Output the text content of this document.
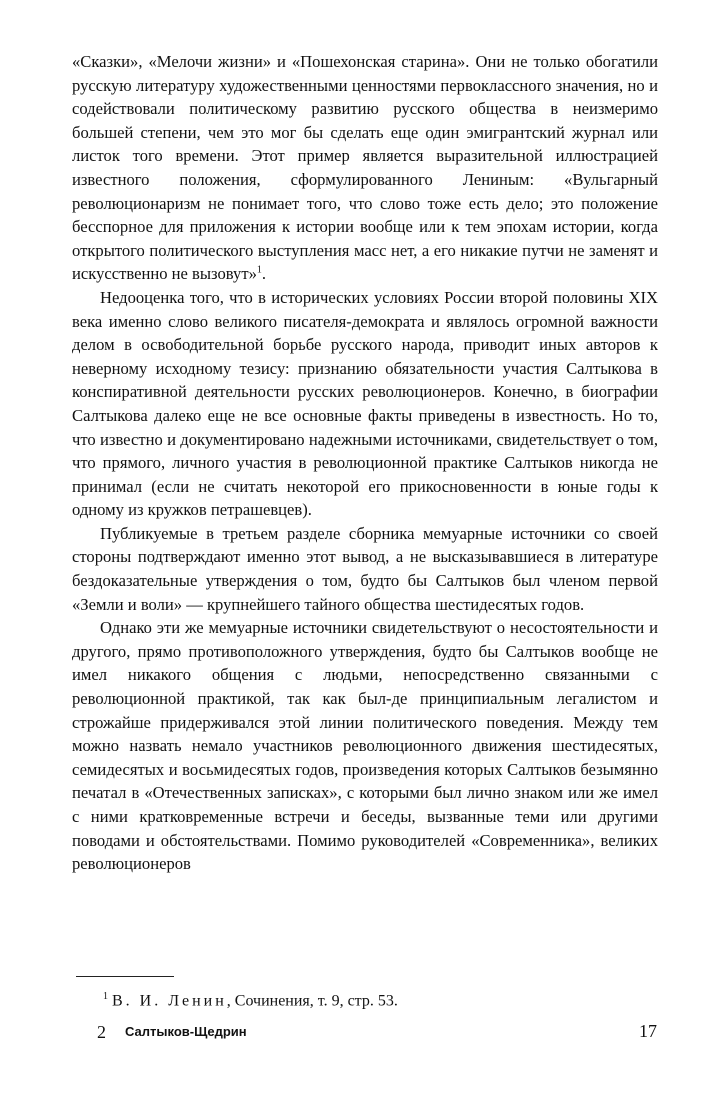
«Сказки», «Мелочи жизни» и «Пошехонская старина». Они не только обогатили русскую литературу художественными ценностями первоклассного значения, но и содействовали политическому развитию русского общества в неизмеримо большей степени, чем это мог бы сделать еще один эмигрантский журнал или листок того времени. Этот пример является выразительной иллюстрацией известного положения, сформулированного Лениным: «Вульгарный революционаризм не понимает того, что слово тоже есть дело; это положение бесспорное для приложения к истории вообще или к тем эпохам истории, когда открытого политического выступления масс нет, а его никакие путчи не заменят и искусственно не вызовут»$^1$.

Недооценка того, что в исторических условиях России второй половины XIX века именно слово великого писателя-демократа и являлось огромной важности делом в освободительной борьбе русского народа, приводит иных авторов к неверному исходному тезису: признанию обязательности участия Салтыкова в конспиративной деятельности русских революционеров. Конечно, в биографии Салтыкова далеко еще не все основные факты приведены в известность. Но то, что известно и документировано надежными источниками, свидетельствует о том, что прямого, личного участия в революционной практике Салтыков никогда не принимал (если не считать некоторой его прикосновенности в юные годы к одному из кружков петрашевцев).

Публикуемые в третьем разделе сборника мемуарные источники со своей стороны подтверждают именно этот вывод, а не высказывавшиеся в литературе бездоказательные утверждения о том, будто бы Салтыков был членом первой «Земли и воли» — крупнейшего тайного общества шестидесятых годов.

Однако эти же мемуарные источники свидетельствуют о несостоятельности и другого, прямо противоположного утверждения, будто бы Салтыков вообще не имел никакого общения с людьми, непосредственно связанными с революционной практикой, так как был-де принципиальным легалистом и строжайше придерживался этой линии политического поведения. Между тем можно назвать немало участников революционного движения шестидесятых, семидесятых и восьмидесятых годов, произведения которых Салтыков безымянно печатал в «Отечественных записках», с которыми был лично знаком или же имел с ними кратковременные встречи и беседы, вызванные теми или другими поводами и обстоятельствами. Помимо руководителей «Современника», великих революционеров

$^1$ В. И. Ленин, Сочинения, т. 9, стр. 53.
2 Салтыков-Щедрин	17
